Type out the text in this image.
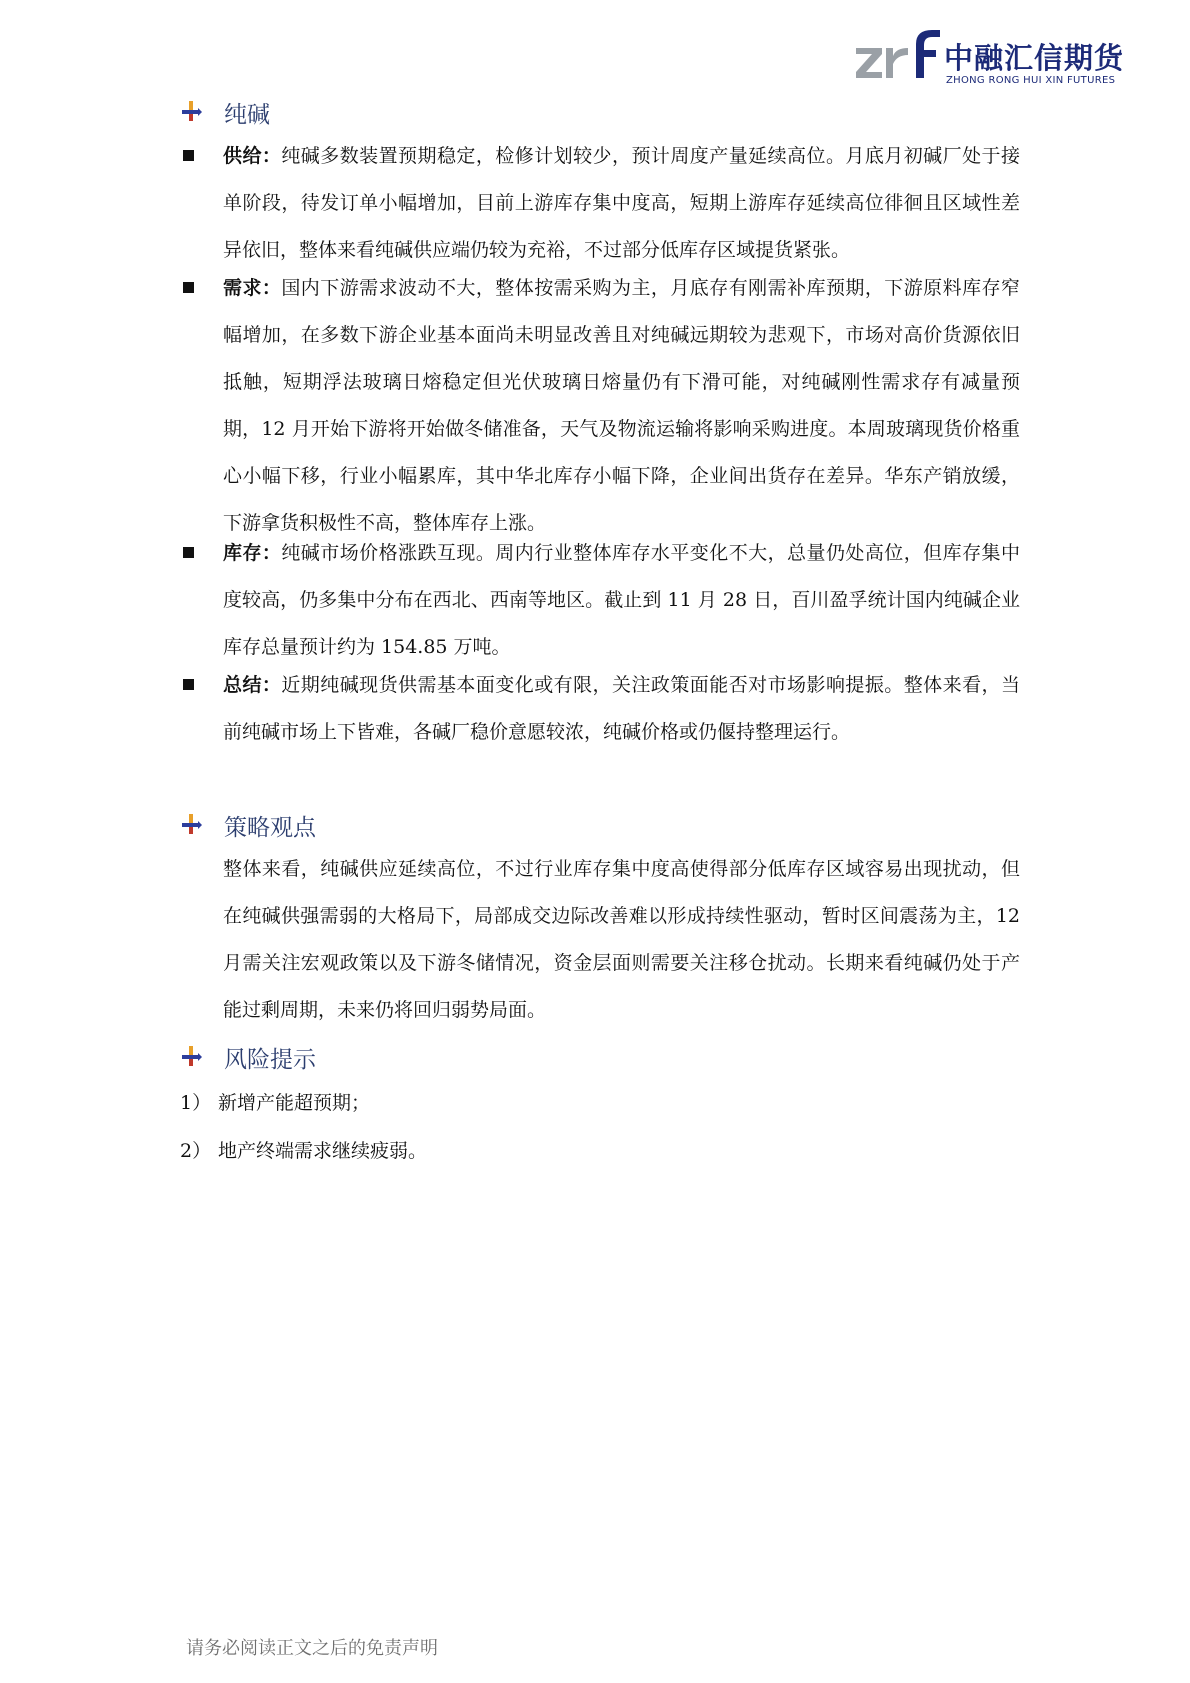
中融汇信期货
ZHONG RONG HUI XIN FUTURES
纯碱
供给：纯碱多数装置预期稳定，检修计划较少，预计周度产量延续高位。月底月初碱厂处于接单阶段，待发订单小幅增加，目前上游库存集中度高，短期上游库存延续高位徘徊且区域性差异依旧，整体来看纯碱供应端仍较为充裕，不过部分低库存区域提货紧张。
需求：国内下游需求波动不大，整体按需采购为主，月底存有刚需补库预期，下游原料库存窄幅增加，在多数下游企业基本面尚未明显改善且对纯碱远期较为悲观下，市场对高价货源依旧抵触，短期浮法玻璃日熔稳定但光伏玻璃日熔量仍有下滑可能，对纯碱刚性需求存有减量预期，12 月开始下游将开始做冬储准备，天气及物流运输将影响采购进度。本周玻璃现货价格重心小幅下移，行业小幅累库，其中华北库存小幅下降，企业间出货存在差异。华东产销放缓，下游拿货积极性不高，整体库存上涨。
库存：纯碱市场价格涨跌互现。周内行业整体库存水平变化不大，总量仍处高位，但库存集中度较高，仍多集中分布在西北、西南等地区。截止到 11 月 28 日，百川盈孚统计国内纯碱企业库存总量预计约为 154.85 万吨。
总结：近期纯碱现货供需基本面变化或有限，关注政策面能否对市场影响提振。整体来看，当前纯碱市场上下皆难，各碱厂稳价意愿较浓，纯碱价格或仍偃持整理运行。
策略观点
整体来看，纯碱供应延续高位，不过行业库存集中度高使得部分低库存区域容易出现扰动，但在纯碱供强需弱的大格局下，局部成交边际改善难以形成持续性驱动，暂时区间震荡为主，12 月需关注宏观政策以及下游冬储情况，资金层面则需要关注移仓扰动。长期来看纯碱仍处于产能过剩周期，未来仍将回归弱势局面。
风险提示
1） 新增产能超预期；
2） 地产终端需求继续疲弱。
请务必阅读正文之后的免责声明
